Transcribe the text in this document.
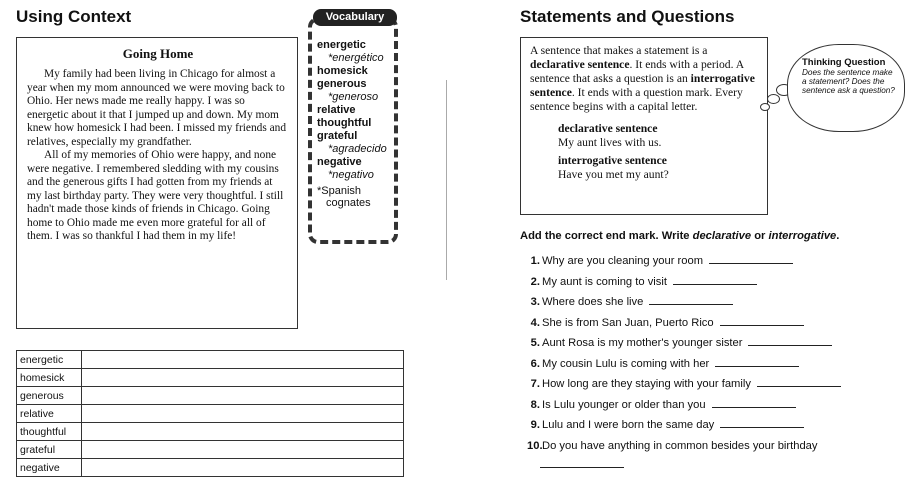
Using Context
Going Home

My family had been living in Chicago for almost a year when my mom announced we were moving back to Ohio. Her news made me really happy. I was so energetic about it that I jumped up and down. My mom knew how homesick I had been. I missed my friends and relatives, especially my grandfather.

All of my memories of Ohio were happy, and none were negative. I remembered sledding with my cousins and the generous gifts I had gotten from my friends at my last birthday party. They were very thoughtful. I still hadn't made those kinds of friends in Chicago. Going home to Ohio made me even more grateful for all of them. I was so thankful I had them in my life!

energetic
*energético
homesick
generous
*generoso
relative
thoughtful
grateful
*agradecido
negative
*negativo
*Spanish
cognates
Vocabulary
energetic	
homesick	
generous	
relative	
thoughtful	
grateful	
negative	
Statements and Questions

A sentence that makes a statement is a declarative sentence. It ends with a period. A sentence that asks a question is an interrogative sentence. It ends with a question mark. Every sentence begins with a capital letter.

declarative sentence
My aunt lives with us.
interrogative sentence
Have you met my aunt?
Thinking Question
Does the sentence make a statement? Does the sentence ask a question?
Add the correct end mark. Write declarative or interrogative.
1. Why are you cleaning your room
2. My aunt is coming to visit
3. Where does she live
4. She is from San Juan, Puerto Rico
5. Aunt Rosa is my mother's younger sister
6. My cousin Lulu is coming with her
7. How long are they staying with your family
8. Is Lulu younger or older than you
9. Lulu and I were born the same day
10.Do you have anything in common besides your birthday
